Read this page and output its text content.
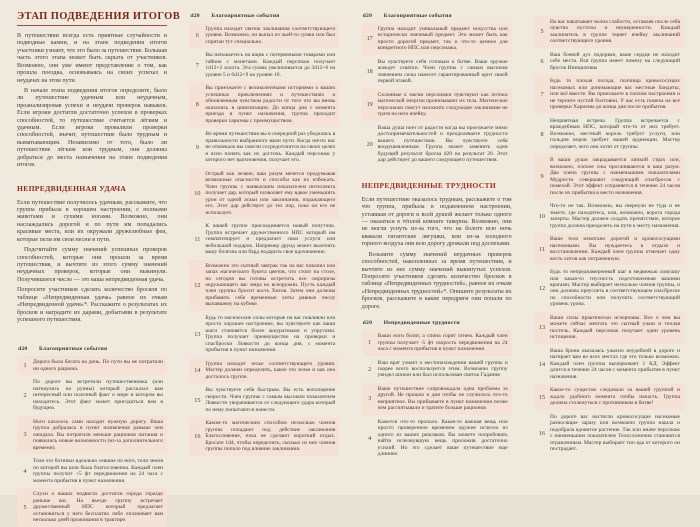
ЭТАП ПОДВЕДЕНИЯ ИТОГОВ

В путешествии всегда есть приятные случайности и подводные камни, и на этапе подведения итогов участники узнают, что это было за путешествие. Большая часть этого этапа может быть скрыта от участников. Возможно, они уже имеют представление о том, как прошла поездка, основываясь на своих успехах и неудачах на этом пути.

В начале этапа подведения итогов определите, было ли путешествие удачным или неудачным, проанализировав успехи и неудачи проверок навыков. Если игроки достигли достаточно успехов в проверках способностей, то путешествие считается лёгким и удачным. Если игроки провалили проверки способностей, значит, путешествие было трудным и выматывающим. Независимо от того, было ли путешествие лёгким или трудным, они должны добраться до места назначения на этапе подведения итогов.

НЕПРЕДВИДЕННАЯ УДАЧА

Если путешествие получилось удачным, расскажите, что группа прибыла в хорошем настроении, с полными животами и сухими ногами. Возможно, они наслаждались дорогой и по пути им попадались красивые места, или их окружали дружелюбные феи, которые пели им свои песни в пути.

Подсчитайте сумму значений успешных проверок способностей, которые они прошли за время путешествия, и вычтите из этого сумму значений неудачных проверок, которые они выкинули. Получившееся число — это ваша непредвиденная удача.

Попросите участников сделать количество бросков по таблице «Непредвиденная удача» равное их очкам «Непредвиденной удачи»*. Расскажите о результатах их бросков и наградите их дарами, добытыми в результате успешного путешествия.

d20	Благоприятные события
1	Дорога была богата на дичь. По пути вы не потратили ни одного рациона.
2
По дороге вы встретили путешественника (или наткнулись на руины) который рассказал вам интересный или полезный факт о мире в котором вы находитесь. Этот факт может пригодиться вам в будущем.
3
Ноги казалось сами находят нужную дорогу. Ваша группа добралась в пункт назначения раньше чем ожидала. Вы потратили меньше рационов питания и появились новые возможности (из-за дополнительного времени).
4
Толи это ботинки идеально севшие по ноге, толи земля по которой вы шли была благословенна. Каждый член группы получит +5 фт передвижения на 24 часа с момента прибытия в пункт назначения.
5
Слухи о ваших подвигах достигли города гораздо раньше вас. На въезде группу встречает дружественный НПС который предлагает остановиться у него бесплатно либо оплачивает вам несколько дней проживания в трактире.
d20	Благоприятные события
6
Группа находит свиток заклинания соответствующего уровня. Возможно, он выпал из чьей-то сумки или был спрятан тут специально.
7
Вы натыкаетесь на ящик с потерянными товарами или тайник с монетами. Каждый персонаж получает 1d12+3 золота. Эта сумма увеличивается до 3d12+6 на уровне 5 и 6d12+9 на уровне 10.
8
Вы приезжаете с великолепными историями о ваших успешных приключениях и путешествиях и обновленным чувством радости от того что вы вновь оказались в цивилизации. До конца дня с момента приезда в пункт назначения, группа проходит проверки харизмы с преимуществом.
9
Во время путешествия вы в очередной раз убедились в правильности выбранного вами пути. Когда ничто вас не отвлекало вы смогли сосредоточится на своих целях и ясно понять как их достичь. Каждый персонаж у которого нет вдохновения, получает его.
10
Острый как лезвие, ваш разум мечется продумывая возможные опасности и способы как их избежать. Член группы с наивысшим показателем интеллекта получает дар, который позволяет ему вдвое уменьшить урон от одной атаки или заклинания, поражающего его. Этот дар действует до тех пор, пока он его не использует.
11
К вашей группе присоединяется новый попутчик. Группа встречает дружественного НПС который им симпатизирует и предлагает свои услуги или небольшой подарок. Например друид может вылечить вашу болезнь или бард подарить свое вдохновение.
12
Возможно это сытный завтрак так на вас повлиял или запах магического букета цветов, что стоит на столе, но сегодня вы готовы встретить все сюрпризы окружающего вас мира во всеоружии. Пусть каждый член группы бросит кость Хитов. Затем они должны прибавить себе временные хиты равные числу выпавшему на кубике.
13
Будь то магические силы которые на вас повлияли или просто хорошее настроение, вы чувствуете как ваши шаги становятся более аккуратными и упругими. Группа получает преимущество на проверки и спасброски Ловкости до конца дня, с момента прибытия в пункт назначения.
14
Группа находит зелье соответствующего уровня. Мастер должен определить, какое это зелье и как оно досталось группе.
15
Вы чувствуете себя быстрым. Вы есть воплощение скорости. Член группы с самым высоким показателем Ловкости уворачивается от следующего удара который по нему попытаются нанести.
16
Каким-то магическим способом несколько членов группы попадают под действие заклинания Благословение, пока не сделают короткий отдых. Бросьте 1d4, чтобы определить, сколько из них членов группы попало под влияние заклинания.
d20	Благоприятные события
17
Группа находит уникальный предмет искусства или исторически значимый предмет. Это может быть как просто дорогой предмет, так и что-то ценное для конкретного НПС или персонажа.
18
Вы чувствуете себя готовым к битве. Ваше оружие жаждет схватки. Член группы с самым высоким значением силы нанесет гарантированный крит своей первой атакой.
19
Склонные к магии персонажи чувствуют как потоки магической энергии пронизывают их тела. Магические персонажи смогут наложить следующее заклинание не тратя на него ячейку.
20
Ваша душа поет от радости когда вы проезжаете мимо достопримечательностей и преодолеваете трудности вашего путешествия. Вы чувствуете себя воодушевленным. Группа может заменить один будущий результат броска d20 на результат 20. Этот дар действует до вашего следующего путешествия.
НЕПРЕДВИДЕННЫЕ ТРУДНОСТИ

Если путешествие оказалось трудным, расскажите о том что группа, прибыла в подавленном настроении, уставшая от дороги и всей душой желает только одного — оказаться в тёплой комнате таверны. Возможно, они не могли уснуть из-за того, что на болоте всю ночь квакали гигантские лягушки, или из-за холодного горного воздуха они всю дорогу дрожали под доспехами.

Возьмите сумму значений неудачных проверок способностей, накопленных за время путешествия, и вычтите из нее сумму значений выкинутых успехов. Попросите участников сделать количество бросков в таблице «Непредвиденных трудностей», равное их очкам «Непредвиденных трудностей»*. Опишите результаты их бросков, расскажите в какие передряги они попали по дороге.

d20	Непредвиденные трудности
1
Ваши ноги болят, а спина горит огнем. Каждый член группы получает -5 фт скорость передвижения на 24 часа с момента прибытия в пункт назначения
2
Ваш враг узнает о местонахождении вашей группы и скорее всего воспользуется этим. Возможно группу увидел шпион или был использован свиток Гадания
3
Ваше путешествие сопровождала одна проблема за другой. Не прошло и дня чтобы не случилось что-то неприятное. Вы прибываете в пункт назначения позже чем рассчитывали и тратите больше рационов
4
Кажется что-то пропало. Какая-то важная вещь или просто проверенное временем оружие исчезло из одного из ваших рюкзаков. Вы можете попробовать найти исчезнувшую вещь приложив достаточно усилий. Но это сделает ваше путешествие еще длиннее.
5
На вас накатывает волна слабости, оставляя после себя чувство пустоты и неуверенности. Каждый заклинатель в группе теряет ячейку заклинаний соответствующего уровня.
6
Ваш боевой дух подорван, ваше сердце не находит себе места. Вся группа имеет помеху на следующий бросок Инициативы
7
Будь то плохая погода, полчища кровососущих насекомых или донимающие вас местные бандиты, или всё вместе. Вы приезжаете в плохом настроении и не терпите пустой болтовни. У вас есть помеха на все проверки Харизмы до конца дня после прибытия.
8
Неприятная встреча. Группа встречается с враждебным НПС, который что-то от них требует. Возможно, местный король требует услуги, или гильдия воров требует вашей аудиенции. Мастер определяет, чего они хотят от группы.
9
В ваши души закрадывается липкий страх или, возможно, плохие сны просачиваются в ваш разум. Два члена группы с наименьшими показателями Мудрости совершают следующий спасбросок с помехой. Этот эффект сохраняется в течение 24 часов после их прибытия в место назначения.
10
Что-то не так. Возможно, вы свернули не туда и не знаете, где находитесь, или, возможно, ворота города заперты. Мастер должен создать препятствие, которое группа должна преодолеть на пути к месту назначения.
11
Ваше тело измотано дорогой и кровососущими насекомыми. Вы нуждаетесь в отдыхе и восстановлении. Каждый член группы отмечает одну кость хитов как потраченную.
12
Будь то непреднамеренный шаг в медвежью ловушку или какая-то гнусность подготовленная вашими врагами, Мастер выбирает несколько членов группы, и они должны преуспеть в соответствующем спасброске по способности или получить соответствующий уровень урона.
13
Ваши силы практически исчерпаны. Все о чем вы можете сейчас мечтать это сытный ужин и теплая постель. Каждый персонаж получает один уровень истощения.
14
Ваша броня оказалась ужасно неудобной в дороге и натирает вам во всех местах где это только возможно. Каждый член группы вычеркивает 1 КД. Эффект длится в течение 24 часов с момента прибытия в пункт назначения.
15
Какое-то существо следовало за вашей группой и ждало удобного момента чтобы напасть. Группа должна столкнуться с противником в битве!
16
По дороге вас настигли кровососущие насекомые разносящие заразу или возможно группа нашла и подобрала ядовитое растение. Так или иначе персонаж с наименьшим показателем Телосложения становится отравленным. Мастер выбирает тип яда от которого он пострадает.
